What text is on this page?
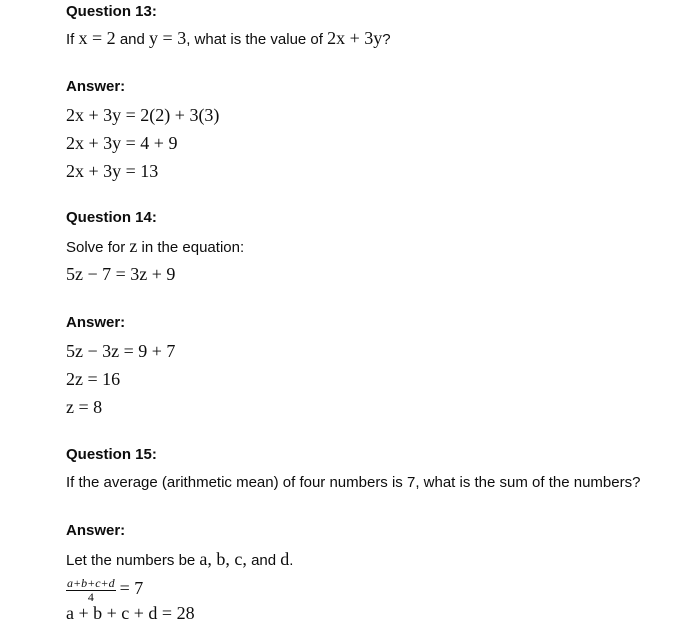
Question 13:
If x = 2 and y = 3, what is the value of 2x + 3y?
Answer:
2x + 3y = 2(2) + 3(3)
2x + 3y = 4 + 9
2x + 3y = 13
Question 14:
Solve for z in the equation:
5z − 7 = 3z + 9
Answer:
5z − 3z = 9 + 7
2z = 16
z = 8
Question 15:
If the average (arithmetic mean) of four numbers is 7, what is the sum of the numbers?
Answer:
Let the numbers be a, b, c, and d.
$\frac{a+b+c+d}{4} = 7$
a + b + c + d = 28
